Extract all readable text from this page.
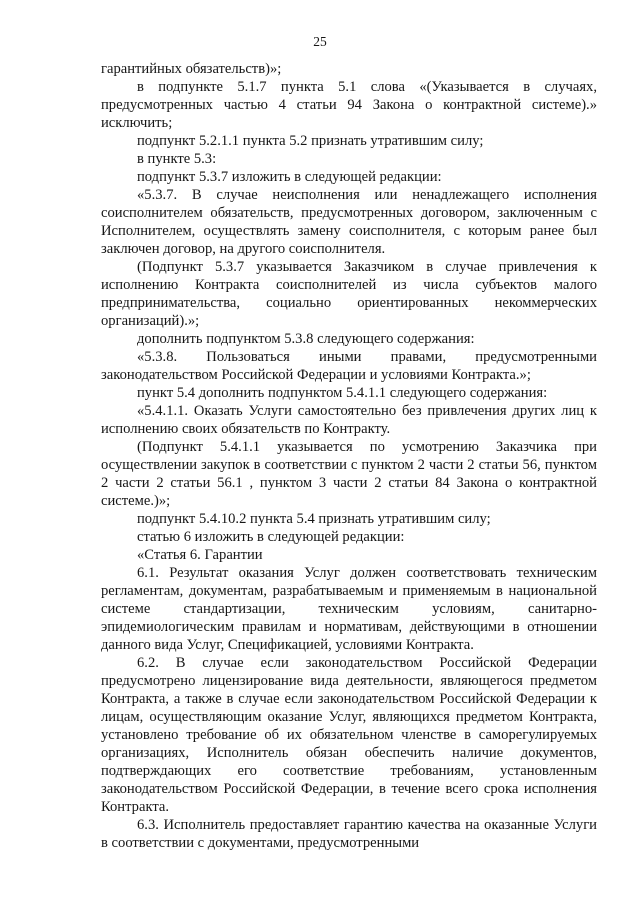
25

гарантийных обязательств)»;

в подпункте 5.1.7 пункта 5.1 слова «(Указывается в случаях, предусмотренных частью 4 статьи 94 Закона о контрактной системе).» исключить;

подпункт 5.2.1.1 пункта 5.2 признать утратившим силу;

в пункте 5.3:

подпункт 5.3.7 изложить в следующей редакции:

«5.3.7. В случае неисполнения или ненадлежащего исполнения соисполнителем обязательств, предусмотренных договором, заключенным с Исполнителем, осуществлять замену соисполнителя, с которым ранее был заключен договор, на другого соисполнителя.

(Подпункт 5.3.7 указывается Заказчиком в случае привлечения к исполнению Контракта соисполнителей из числа субъектов малого предпринимательства, социально ориентированных некоммерческих организаций).»;

дополнить подпунктом 5.3.8 следующего содержания:

«5.3.8. Пользоваться иными правами, предусмотренными законодательством Российской Федерации и условиями Контракта.»;

пункт 5.4 дополнить подпунктом 5.4.1.1 следующего содержания:

«5.4.1.1. Оказать Услуги самостоятельно без привлечения других лиц к исполнению своих обязательств по Контракту.

(Подпункт 5.4.1.1 указывается по усмотрению Заказчика при осуществлении закупок в соответствии с пунктом 2 части 2 статьи 56, пунктом 2 части 2 статьи 56.1 , пунктом 3 части 2 статьи 84 Закона о контрактной системе.)»;

подпункт 5.4.10.2 пункта 5.4 признать утратившим силу;

статью 6 изложить в следующей редакции:

«Статья 6. Гарантии

6.1. Результат оказания Услуг должен соответствовать техническим регламентам, документам, разрабатываемым и применяемым в национальной системе стандартизации, техническим условиям, санитарно-эпидемиологическим правилам и нормативам, действующими в отношении данного вида Услуг, Спецификацией, условиями Контракта.

6.2. В случае если законодательством Российской Федерации предусмотрено лицензирование вида деятельности, являющегося предметом Контракта, а также в случае если законодательством Российской Федерации к лицам, осуществляющим оказание Услуг, являющихся предметом Контракта, установлено требование об их обязательном членстве в саморегулируемых организациях, Исполнитель обязан обеспечить наличие документов, подтверждающих его соответствие требованиям, установленным законодательством Российской Федерации, в течение всего срока исполнения Контракта.

6.3. Исполнитель предоставляет гарантию качества на оказанные Услуги в соответствии с документами, предусмотренными
